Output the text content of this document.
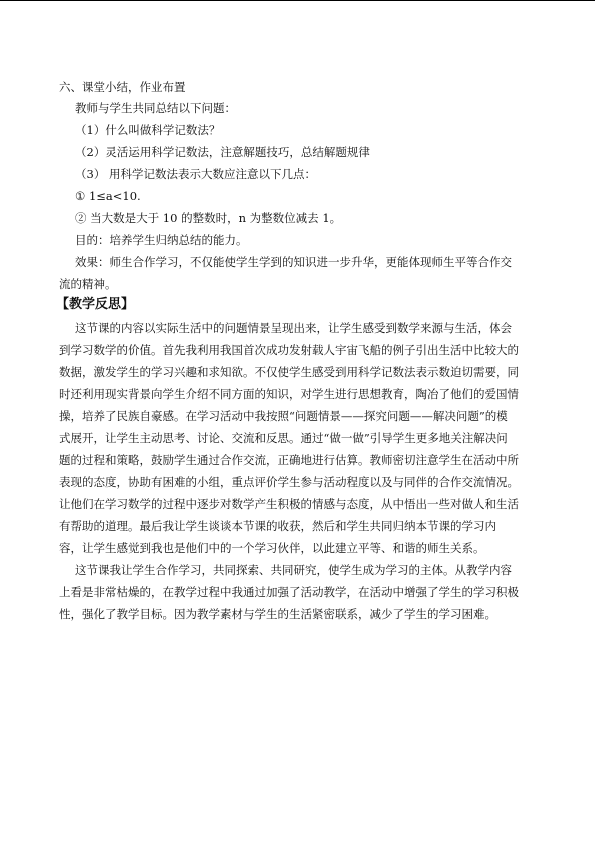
六、课堂小结，作业布置
教师与学生共同总结以下问题：
（1）什么叫做科学记数法？
（2）灵活运用科学记数法，注意解题技巧，总结解题规律
（3） 用科学记数法表示大数应注意以下几点：
① 1≤a<10.
② 当大数是大于 10 的整数时，n 为整数位减去 1。
目的：培养学生归纳总结的能力。
效果：师生合作学习，不仅能使学生学到的知识进一步升华，更能体现师生平等合作交
流的精神。
【教学反思】
这节课的内容以实际生活中的问题情景呈现出来，让学生感受到数学来源与生活，体会
到学习数学的价值。首先我利用我国首次成功发射载人宇宙飞船的例子引出生活中比较大的
数据，激发学生的学习兴趣和求知欲。不仅使学生感受到用科学记数法表示数迫切需要，同
时还利用现实背景向学生介绍不同方面的知识，对学生进行思想教育，陶冶了他们的爱国情
操，培养了民族自豪感。在学习活动中我按照“问题情景——探究问题——解决问题”的模
式展开，让学生主动思考、讨论、交流和反思。通过“做一做”引导学生更多地关注解决问
题的过程和策略，鼓励学生通过合作交流，正确地进行估算。教师密切注意学生在活动中所
表现的态度，协助有困难的小组，重点评价学生参与活动程度以及与同伴的合作交流情况。
让他们在学习数学的过程中逐步对数学产生积极的情感与态度，从中悟出一些对做人和生活
有帮助的道理。最后我让学生谈谈本节课的收获，然后和学生共同归纳本节课的学习内
容，让学生感觉到我也是他们中的一个学习伙伴，以此建立平等、和谐的师生关系。
这节课我让学生合作学习，共同探索、共同研究，使学生成为学习的主体。从教学内容
上看是非常枯燥的，在教学过程中我通过加强了活动教学，在活动中增强了学生的学习积极
性，强化了教学目标。因为教学素材与学生的生活紧密联系，减少了学生的学习困难。
